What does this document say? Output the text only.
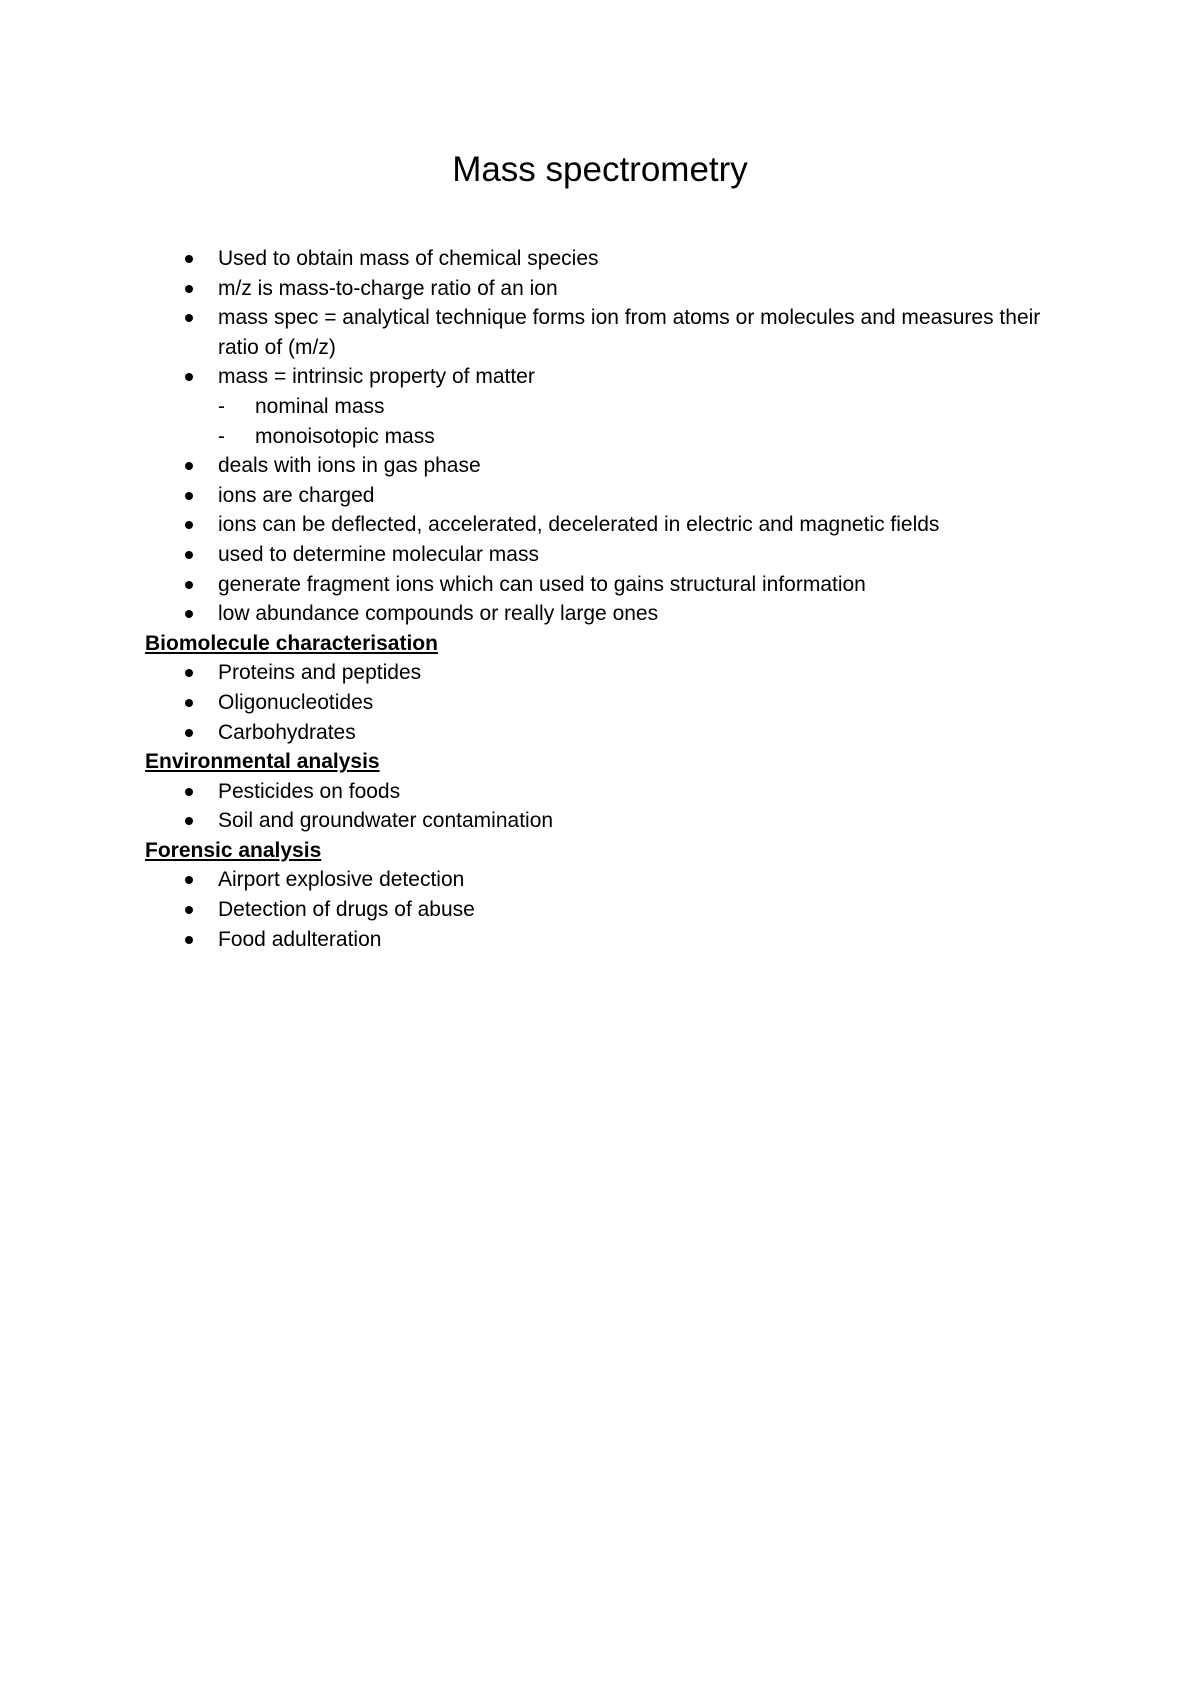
Mass spectrometry
Used to obtain mass of chemical species
m/z is mass-to-charge ratio of an ion
mass spec = analytical technique forms ion from atoms or molecules and measures their ratio of (m/z)
mass = intrinsic property of matter
- nominal mass
- monoisotopic mass
deals with ions in gas phase
ions are charged
ions can be deflected, accelerated, decelerated in electric and magnetic fields
used to determine molecular mass
generate fragment ions which can used to gains structural information
low abundance compounds or really large ones

Biomolecule characterisation

Proteins and peptides
Oligonucleotides
Carbohydrates

Environmental analysis

Pesticides on foods
Soil and groundwater contamination

Forensic analysis

Airport explosive detection
Detection of drugs of abuse
Food adulteration
